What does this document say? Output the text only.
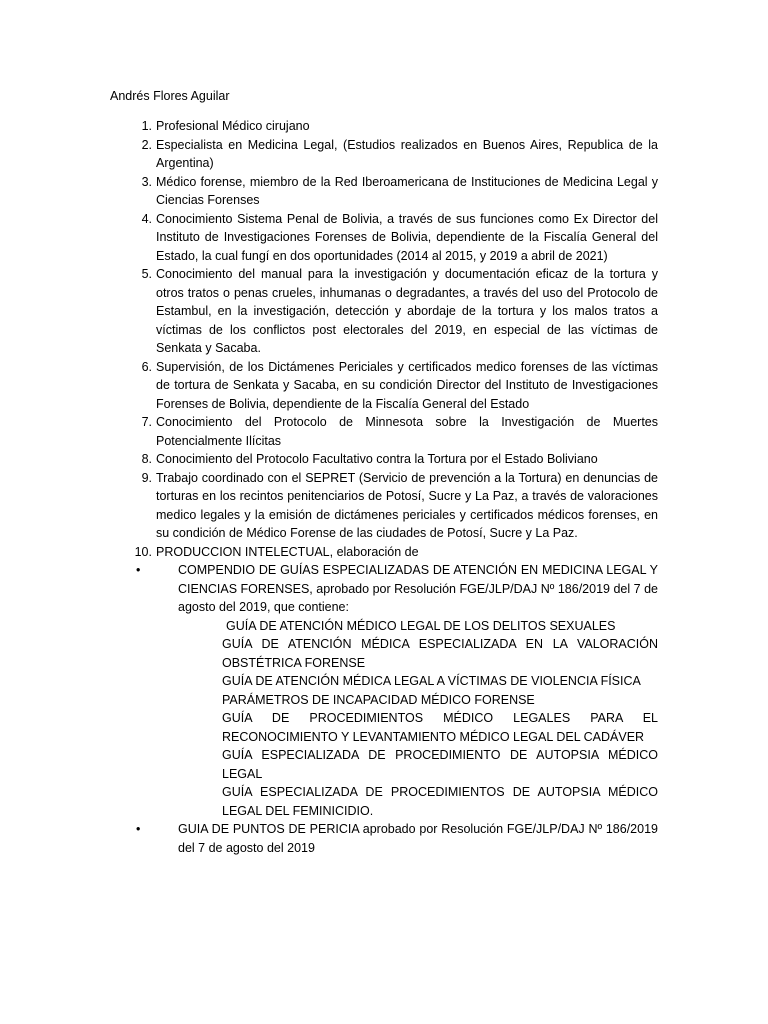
Andrés Flores Aguilar
1. Profesional Médico cirujano
2. Especialista en Medicina Legal, (Estudios realizados en Buenos Aires, Republica de la Argentina)
3. Médico forense, miembro de la Red Iberoamericana de Instituciones de Medicina Legal y Ciencias Forenses
4. Conocimiento Sistema Penal de Bolivia, a través de sus funciones como Ex Director del Instituto de Investigaciones Forenses de Bolivia, dependiente de la Fiscalía General del Estado, la cual fungí en dos oportunidades (2014 al 2015, y 2019 a abril de 2021)
5. Conocimiento del manual para la investigación y documentación eficaz de la tortura y otros tratos o penas crueles, inhumanas o degradantes, a través del uso del Protocolo de Estambul, en la investigación, detección y abordaje de la tortura y los malos tratos a víctimas de los conflictos post electorales del 2019, en especial de las víctimas de Senkata y Sacaba.
6. Supervisión, de los Dictámenes Periciales y certificados medico forenses de las víctimas de tortura de Senkata y Sacaba, en su condición Director del Instituto de Investigaciones Forenses de Bolivia, dependiente de la Fiscalía General del Estado
7. Conocimiento del Protocolo de Minnesota sobre la Investigación de Muertes Potencialmente Ilícitas
8. Conocimiento del Protocolo Facultativo contra la Tortura por el Estado Boliviano
9. Trabajo coordinado con el SEPRET (Servicio de prevención a la Tortura) en denuncias de torturas en los recintos penitenciarios de Potosí, Sucre y La Paz, a través de valoraciones medico legales y la emisión de dictámenes periciales y certificados médicos forenses, en su condición de Médico Forense de las ciudades de Potosí, Sucre y La Paz.
10. PRODUCCION INTELECTUAL, elaboración de
•	COMPENDIO DE GUÍAS ESPECIALIZADAS DE ATENCIÓN EN MEDICINA LEGAL Y CIENCIAS FORENSES, aprobado por Resolución FGE/JLP/DAJ Nº 186/2019 del 7 de agosto del 2019, que contiene:
GUÍA DE ATENCIÓN MÉDICO LEGAL DE LOS DELITOS SEXUALES
GUÍA DE ATENCIÓN MÉDICA ESPECIALIZADA EN LA VALORACIÓN OBSTÉTRICA FORENSE
GUÍA DE ATENCIÓN MÉDICA LEGAL A VÍCTIMAS DE VIOLENCIA FÍSICA
PARÁMETROS DE INCAPACIDAD MÉDICO FORENSE
GUÍA DE PROCEDIMIENTOS MÉDICO LEGALES PARA EL RECONOCIMIENTO Y LEVANTAMIENTO MÉDICO LEGAL DEL CADÁVER
GUÍA ESPECIALIZADA DE PROCEDIMIENTO DE AUTOPSIA MÉDICO LEGAL
GUÍA ESPECIALIZADA DE PROCEDIMIENTOS DE AUTOPSIA MÉDICO LEGAL DEL FEMINICIDIO.
•	GUIA DE PUNTOS DE PERICIA aprobado por Resolución FGE/JLP/DAJ Nº 186/2019 del 7 de agosto del 2019
